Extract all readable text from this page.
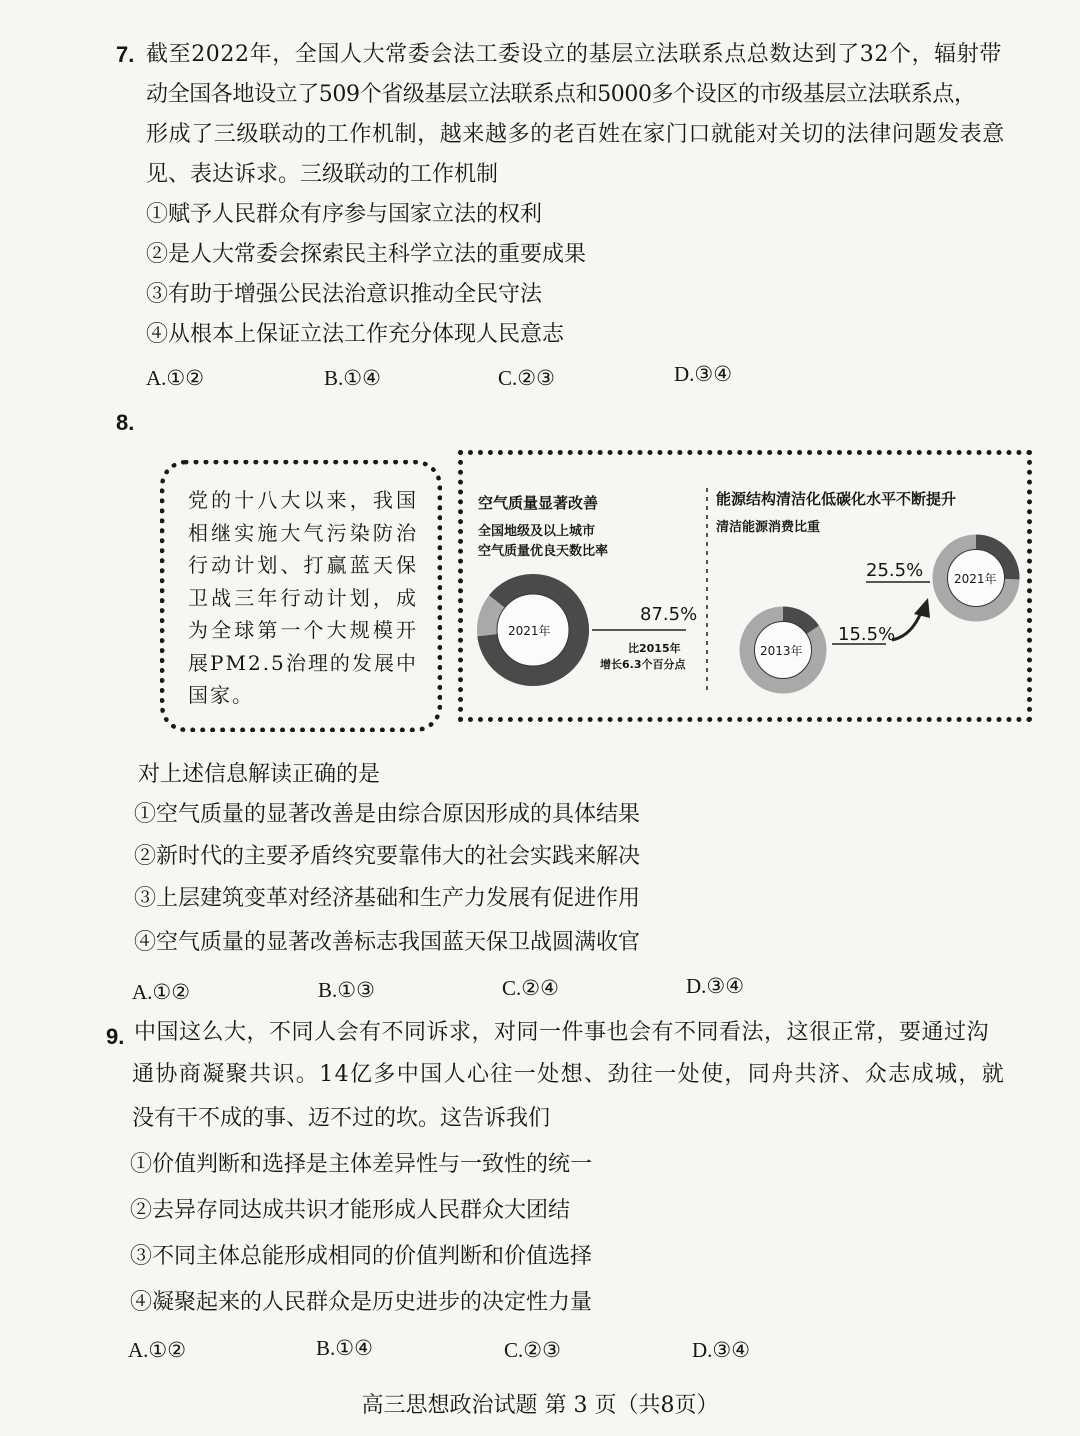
7. 截至2022年，全国人大常委会法工委设立的基层立法联系点总数达到了32个，辐射带
动全国各地设立了509个省级基层立法联系点和5000多个设区的市级基层立法联系点，
形成了三级联动的工作机制，越来越多的老百姓在家门口就能对关切的法律问题发表意
见、表达诉求。三级联动的工作机制
①赋予人民群众有序参与国家立法的权利
②是人大常委会探索民主科学立法的重要成果
③有助于增强公民法治意识推动全民守法
④从根本上保证立法工作充分体现人民意志
A.①②	B.①④	C.②③	D.③④
8.
党的十八大以来，我国相继实施大气污染防治行动计划、打赢蓝天保卫战三年行动计划，成为全球第一个大规模开展PM2.5治理的发展中国家。
空气质量显著改善
全国地级及以上城市
空气质量优良天数比率
2021年
87.5%
比2015年
增长6.3个百分点
能源结构清洁化低碳化水平不断提升
清洁能源消费比重
2013年
2021年
15.5%
25.5%
对上述信息解读正确的是
①空气质量的显著改善是由综合原因形成的具体结果
②新时代的主要矛盾终究要靠伟大的社会实践来解决
③上层建筑变革对经济基础和生产力发展有促进作用
④空气质量的显著改善标志我国蓝天保卫战圆满收官
A.①②	B.①③	C.②④	D.③④
9. 中国这么大，不同人会有不同诉求，对同一件事也会有不同看法，这很正常，要通过沟
通协商凝聚共识。14亿多中国人心往一处想、劲往一处使，同舟共济、众志成城，就
没有干不成的事、迈不过的坎。这告诉我们
①价值判断和选择是主体差异性与一致性的统一
②去异存同达成共识才能形成人民群众大团结
③不同主体总能形成相同的价值判断和价值选择
④凝聚起来的人民群众是历史进步的决定性力量
A.①②	B.①④	C.②③	D.③④
高三思想政治试题 第 3 页（共8页）
